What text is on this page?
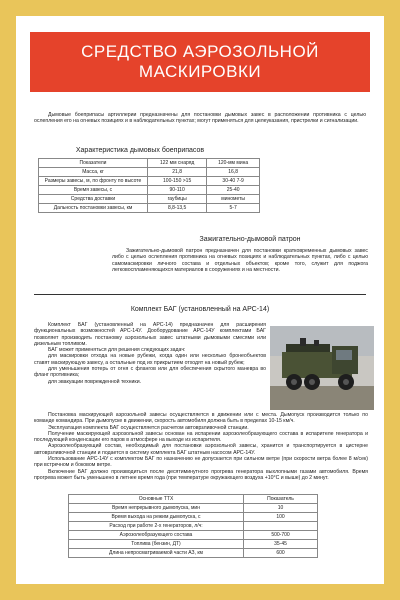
СРЕДСТВО АЭРОЗОЛЬНОЙ
МАСКИРОВКИ
Дымовые боеприпасы артиллерии предназначены для постановки дымовых завес в расположении противника с целью ослепления его на огневых позициях и в наблюдательных пунктах; могут применяться для целеуказания, пристрелки и сигнализации.
Характеристика дымовых боеприпасов
Показатели	122 мм снаряд	120-мм мина
Масса, кг	21,8	16,8
Размеры завесы, м, по фронту по высоте	100-150 >15	30-40 7-9
Время завесы, с	90-110	25-40
Средства доставки	гаубицы	минометы
Дальность постановки завесы, км	8,8-13,5	5-7
Зажигательно-дымовой патрон
Зажигательно-дымовой патрон предназначен для постановки кратковременных дымовых завес либо с целью ослепления противника на огневых позициях и наблюдательных пунктах, либо с целью самомаскировки личного состава и отдельных объектов; кроме того, служит для поджога легковоспламеняющихся материалов в сооружениях и на местности.
Комплект БАГ (установленный на АРС-14)
Комплект БАГ (установленный на АРС-14) предназначен для расширения функциональных возможностей АРС-14У. Дооборудование АРС-14У комплектами БАГ позволяет производить постановку аэрозольных завес штатными дымовыми смесями или дизельным топливом.
БАГ может применяться для решения следующих задач:
для маскировки отхода на новые рубежи, когда один или несколько бронеобъектов ставят маскирующую завесу, а остальные под их прикрытием отходят на новый рубеж;
для уменьшения потерь от огня с флангов или для обеспечения скрытого маневра во фланг противника;
для эвакуации поврежденной техники.
Постановка маскирующей аэрозольной завесы осуществляется в движении или с места. Дымопуск производится только по команде командира. При дымопуске в движении, скорость автомобиля должна быть в пределах 10-15 км/ч.
Эксплуатация комплекта БАГ осуществляется расчетом автоврзливочной станции.
Получение маскирующей аэрозольной завесы основан на испарении аэрозолеобразующего состава в испарителе генератора и последующей конденсации его паров в атмосфере на выходе из испарителя.
Аэрозолеобразующий состав, необходимый для постановки аэрозольной завесы, хранится и транспортируется в цистерне автоврзливочной станции и подается в систему комплекта БАГ штатным насосом АРС-14У.
Использование АРС-14У с комплектом БАГ по назначению не допускается при сильном ветре (при скорости ветра более 8 м/сек) при встречном и боковом ветре.
Включение БАГ должно производиться после десятиминутного прогрева генератора выхлопными газами автомобиля. Время прогрева может быть уменьшено в летнее время года (при температуре окружающего воздуха +10°С и выше) до 2 минут.
Основные ТТХ	Показатель
Время непрерывного дымопуска, мин	10
Время выхода на режим дымопуска, с	100
Расход при работе 2-х генераторов, л/ч:	
Аэрозолеобразующего состава	500-700
Топлива (бензин, ДТ)	35-45
Длина непросматриваемой части АЗ, км	600
